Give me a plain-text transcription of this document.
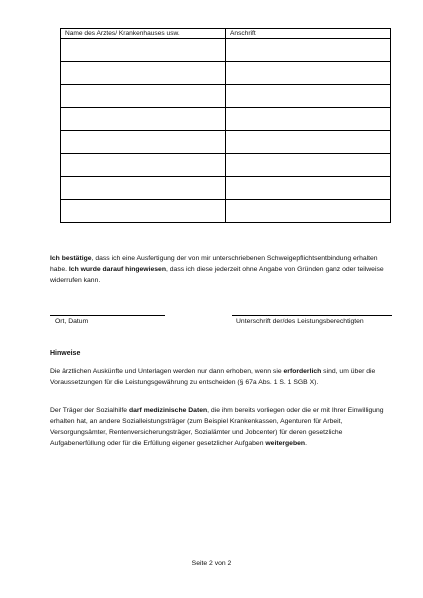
Name des Arztes/ Krankenhauses usw.	Anschrift

Ich bestätige, dass ich eine Ausfertigung der von mir unterschriebenen Schweigepflichtsentbindung erhalten habe. Ich wurde darauf hingewiesen, dass ich diese jederzeit ohne Angabe von Gründen ganz oder teilweise widerrufen kann.

Ort, Datum	Unterschrift der/des Leistungsberechtigten
Hinweise

Die ärztlichen Auskünfte und Unterlagen werden nur dann erhoben, wenn sie erforderlich sind, um über die Voraussetzungen für die Leistungsgewährung zu entscheiden (§ 67a Abs. 1 S. 1 SGB X).

Der Träger der Sozialhilfe darf medizinische Daten, die ihm bereits vorliegen oder die er mit Ihrer Einwilligung erhalten hat, an andere Sozialleistungsträger (zum Beispiel Krankenkassen, Agenturen für Arbeit, Versorgungsämter, Rentenversicherungsträger, Sozialämter und Jobcenter) für deren gesetzliche Aufgabenerfüllung oder für die Erfüllung eigener gesetzlicher Aufgaben weitergeben.

Seite 2 von 2
